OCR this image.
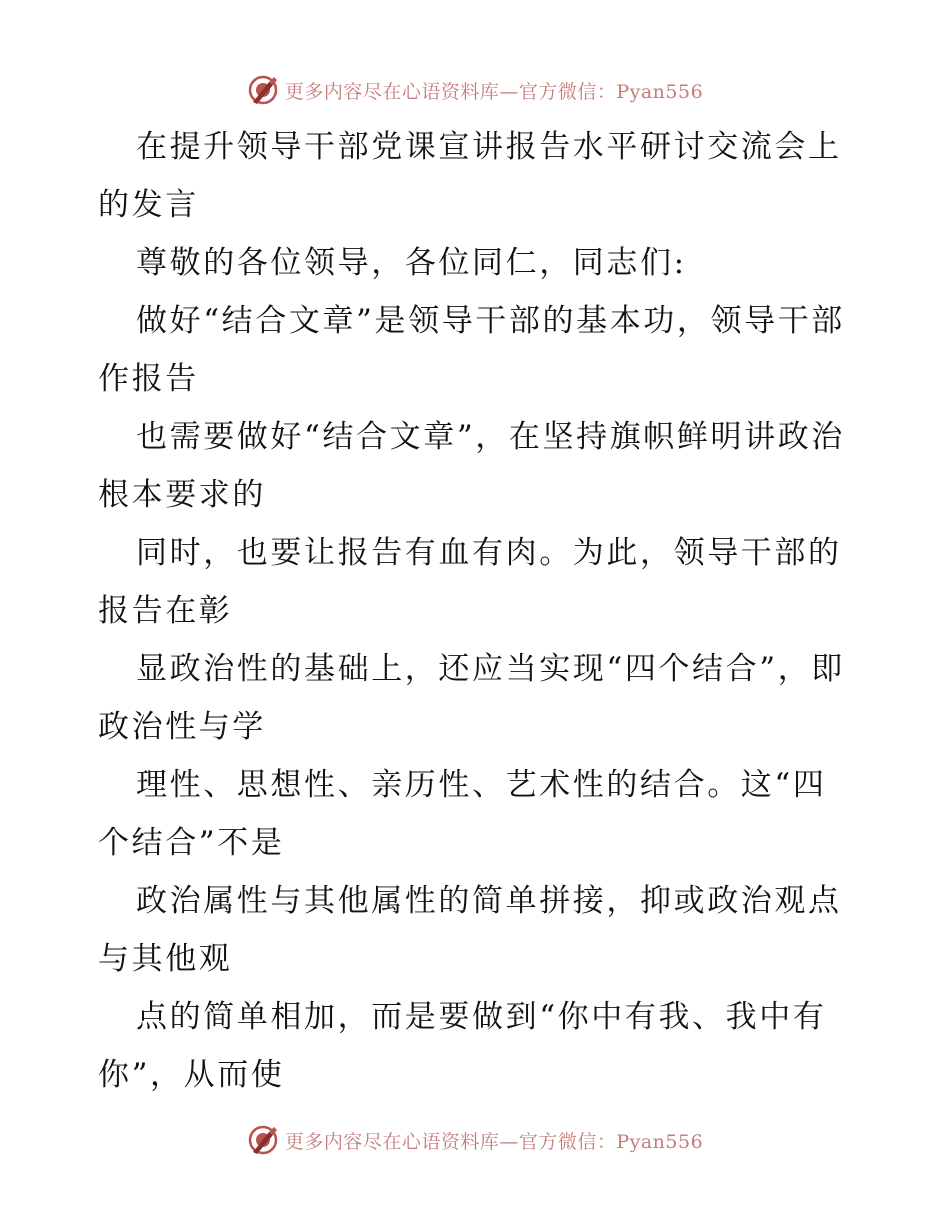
更多内容尽在心语资料库—官方微信：Pyan556

在提升领导干部党课宣讲报告水平研讨交流会上的发言

尊敬的各位领导，各位同仁，同志们:

做好“结合文章”是领导干部的基本功，领导干部作报告

也需要做好“结合文章”，在坚持旗帜鲜明讲政治根本要求的

同时，也要让报告有血有肉。为此，领导干部的报告在彰

显政治性的基础上，还应当实现“四个结合”，即政治性与学

理性、思想性、亲历性、艺术性的结合。这“四个结合”不是

政治属性与其他属性的简单拼接，抑或政治观点与其他观

点的简单相加，而是要做到“你中有我、我中有你”，从而使

更多内容尽在心语资料库—官方微信：Pyan556
